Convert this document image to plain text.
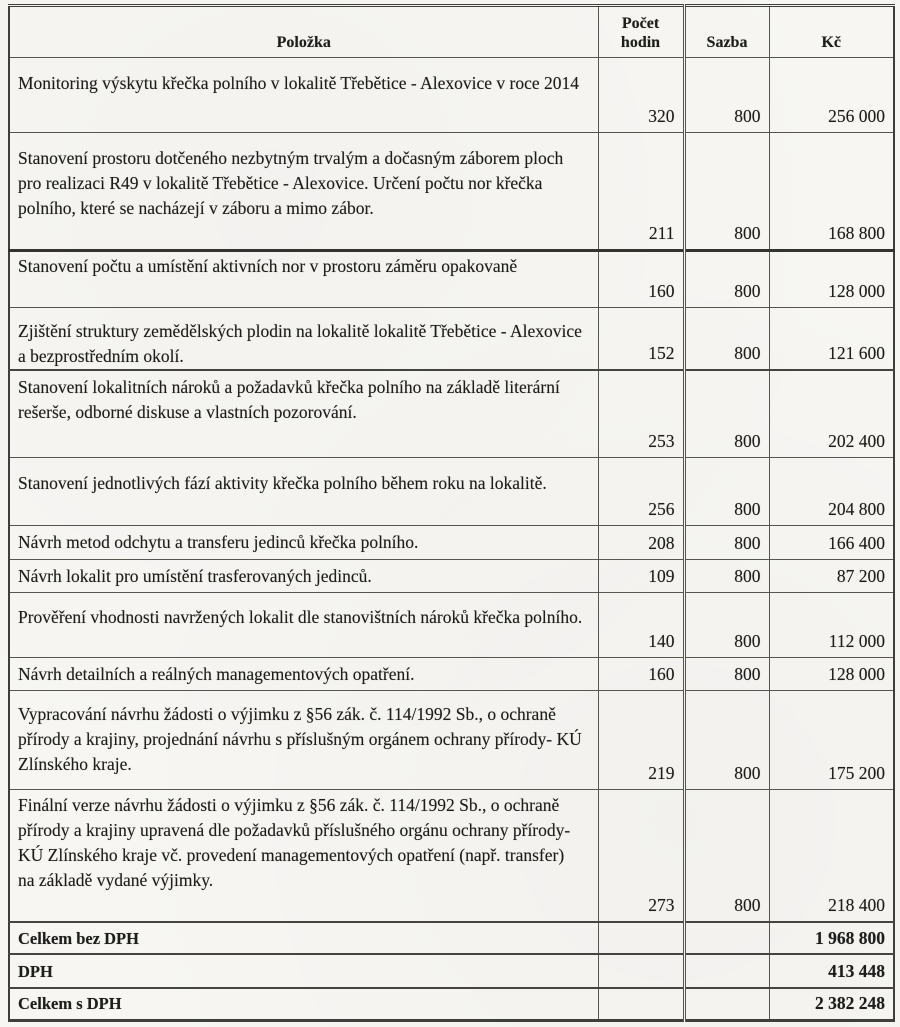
Položka	Počet hodin	Sazba	Kč
Monitoring výskytu křečka polního v lokalitě Třebětice - Alexovice v roce 2014	320	800	256 000
Stanovení prostoru dotčeného nezbytným trvalým a dočasným záborem ploch pro realizaci R49 v lokalitě Třebětice - Alexovice. Určení počtu nor křečka polního, které se nacházejí v záboru a mimo zábor.	211	800	168 800
Stanovení počtu a umístění aktivních nor v prostoru záměru opakovaně	160	800	128 000
Zjištění struktury zemědělských plodin na lokalitě lokalitě Třebětice - Alexovice a bezprostředním okolí.	152	800	121 600
Stanovení lokalitních nároků a požadavků křečka polního na základě literární rešerše, odborné diskuse a vlastních pozorování.	253	800	202 400
Stanovení jednotlivých fází aktivity křečka polního během roku na lokalitě.	256	800	204 800
Návrh metod odchytu a transferu jedinců křečka polního.	208	800	166 400
Návrh lokalit pro umístění trasferovaných jedinců.	109	800	87 200
Prověření vhodnosti navržených lokalit dle stanovištních nároků křečka polního.	140	800	112 000
Návrh detailních a reálných managementových opatření.	160	800	128 000
Vypracování návrhu žádosti o výjimku z §56 zák. č. 114/1992 Sb., o ochraně přírody a krajiny, projednání návrhu s příslušným orgánem ochrany přírody- KÚ Zlínského kraje.	219	800	175 200
Finální verze návrhu žádosti o výjimku z §56 zák. č. 114/1992 Sb., o ochraně přírody a krajiny upravená dle požadavků příslušného orgánu ochrany přírody- KÚ Zlínského kraje vč. provedení managementových opatření (např. transfer) na základě vydané výjimky.	273	800	218 400
Celkem bez DPH			1 968 800
DPH			413 448
Celkem s DPH			2 382 248
